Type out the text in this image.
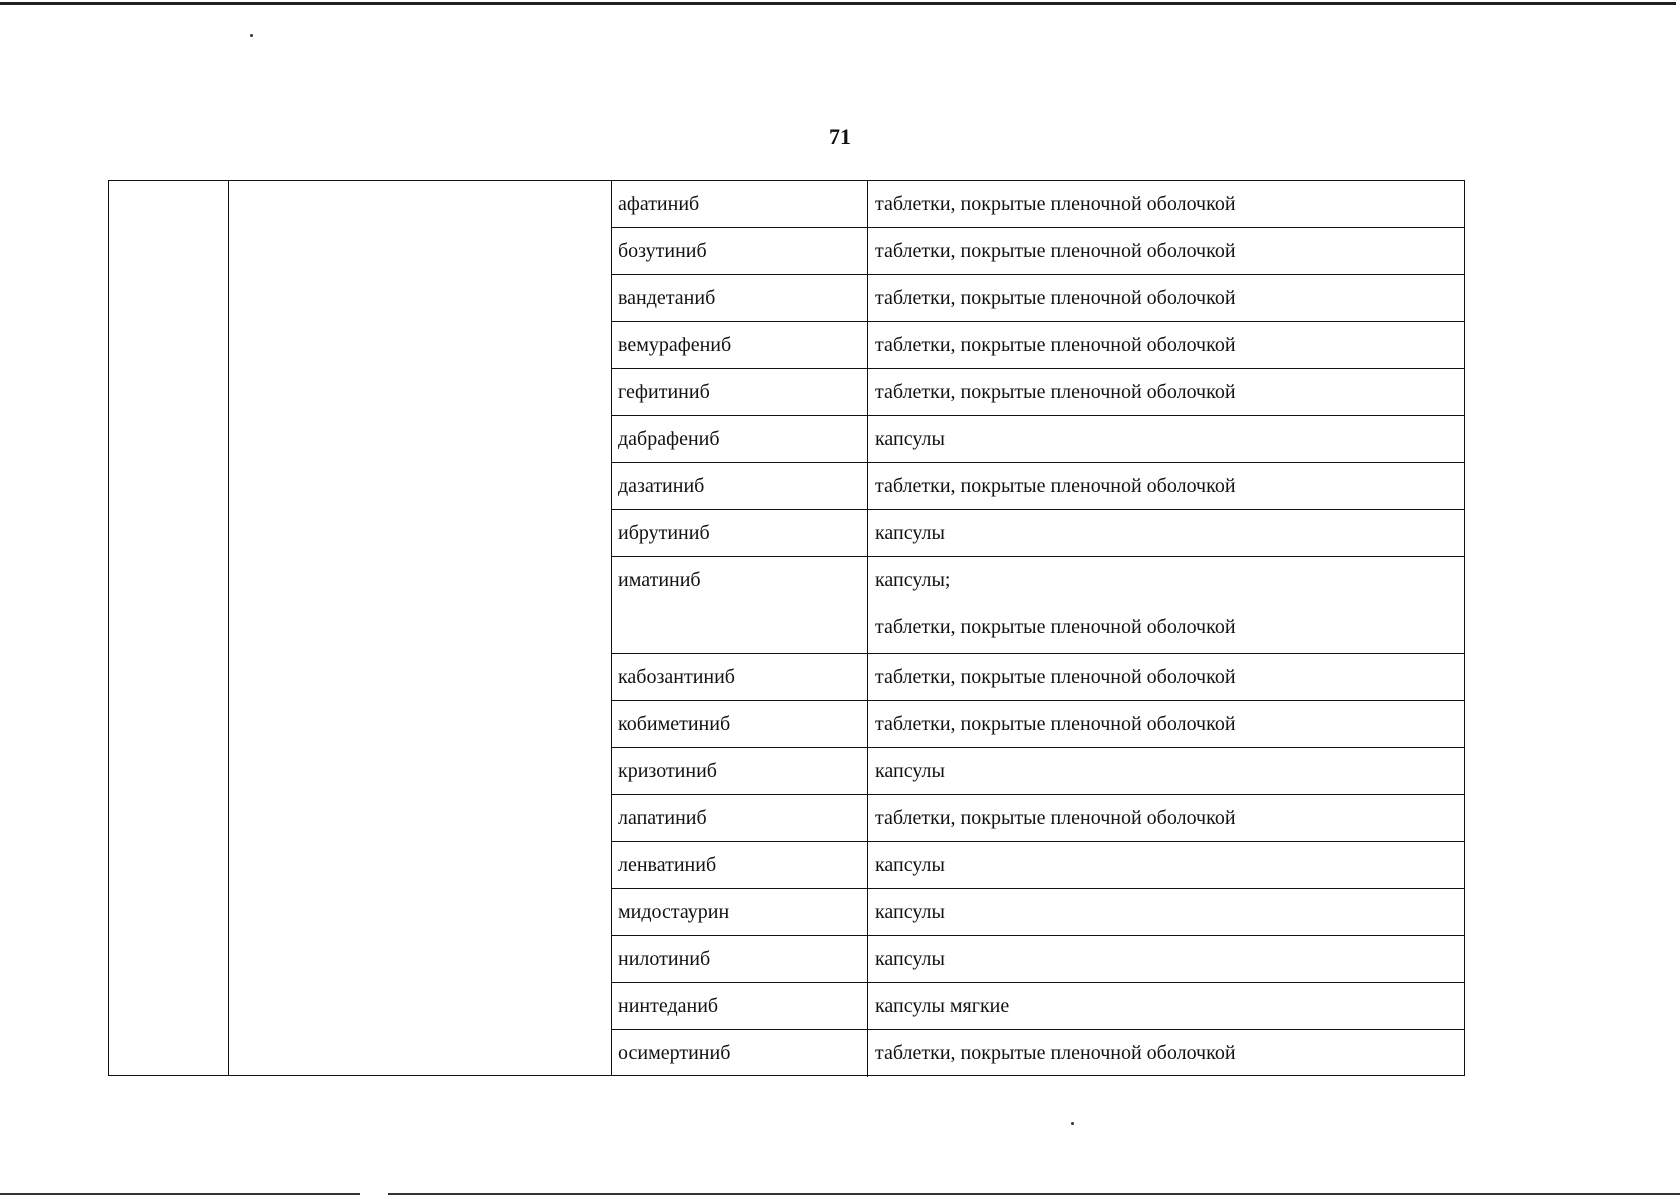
71
афатиниб	таблетки, покрытые пленочной оболочкой
бозутиниб	таблетки, покрытые пленочной оболочкой
вандетаниб	таблетки, покрытые пленочной оболочкой
вемурафениб	таблетки, покрытые пленочной оболочкой
гефитиниб	таблетки, покрытые пленочной оболочкой
дабрафениб	капсулы
дазатиниб	таблетки, покрытые пленочной оболочкой
ибрутиниб	капсулы
иматиниб	капсулы;
таблетки, покрытые пленочной оболочкой
кабозантиниб	таблетки, покрытые пленочной оболочкой
кобиметиниб	таблетки, покрытые пленочной оболочкой
кризотиниб	капсулы
лапатиниб	таблетки, покрытые пленочной оболочкой
ленватиниб	капсулы
мидостаурин	капсулы
нилотиниб	капсулы
нинтеданиб	капсулы мягкие
осимертиниб	таблетки, покрытые пленочной оболочкой
